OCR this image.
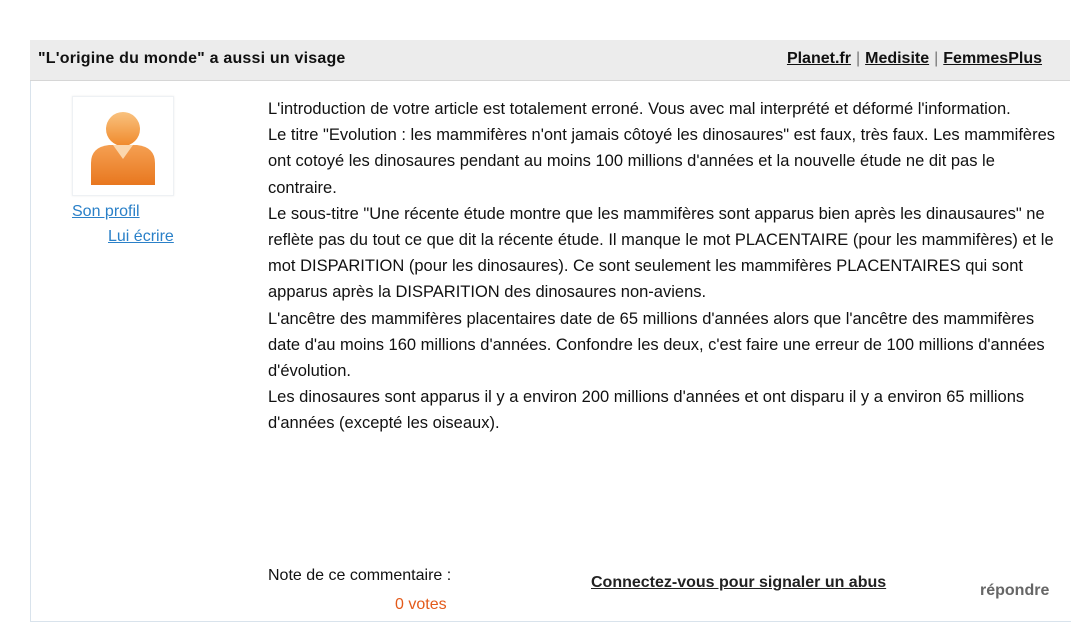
"L'origine du monde" a aussi un visage	Planet.fr | Medisite | FemmesPlus
Son profil
Lui écrire

L'introduction de votre article est totalement erroné. Vous avec mal interprété et déformé l'information.

Le titre "Evolution : les mammifères n'ont jamais côtoyé les dinosaures" est faux, très faux. Les mammifères ont cotoyé les dinosaures pendant au moins 100 millions d'années et la nouvelle étude ne dit pas le contraire.

Le sous-titre "Une récente étude montre que les mammifères sont apparus bien après les dinausaures" ne reflète pas du tout ce que dit la récente étude. Il manque le mot PLACENTAIRE (pour les mammifères) et le mot DISPARITION (pour les dinosaures). Ce sont seulement les mammifères PLACENTAIRES qui sont apparus après la DISPARITION des dinosaures non-aviens.

L'ancêtre des mammifères placentaires date de 65 millions d'années alors que l'ancêtre des mammifères date d'au moins 160 millions d'années. Confondre les deux, c'est faire une erreur de 100 millions d'années d'évolution.

Les dinosaures sont apparus il y a environ 200 millions d'années et ont disparu il y a environ 65 millions d'années (excepté les oiseaux).

Note de ce commentaire :
0 votes
Connectez-vous pour signaler un abus	répondre
